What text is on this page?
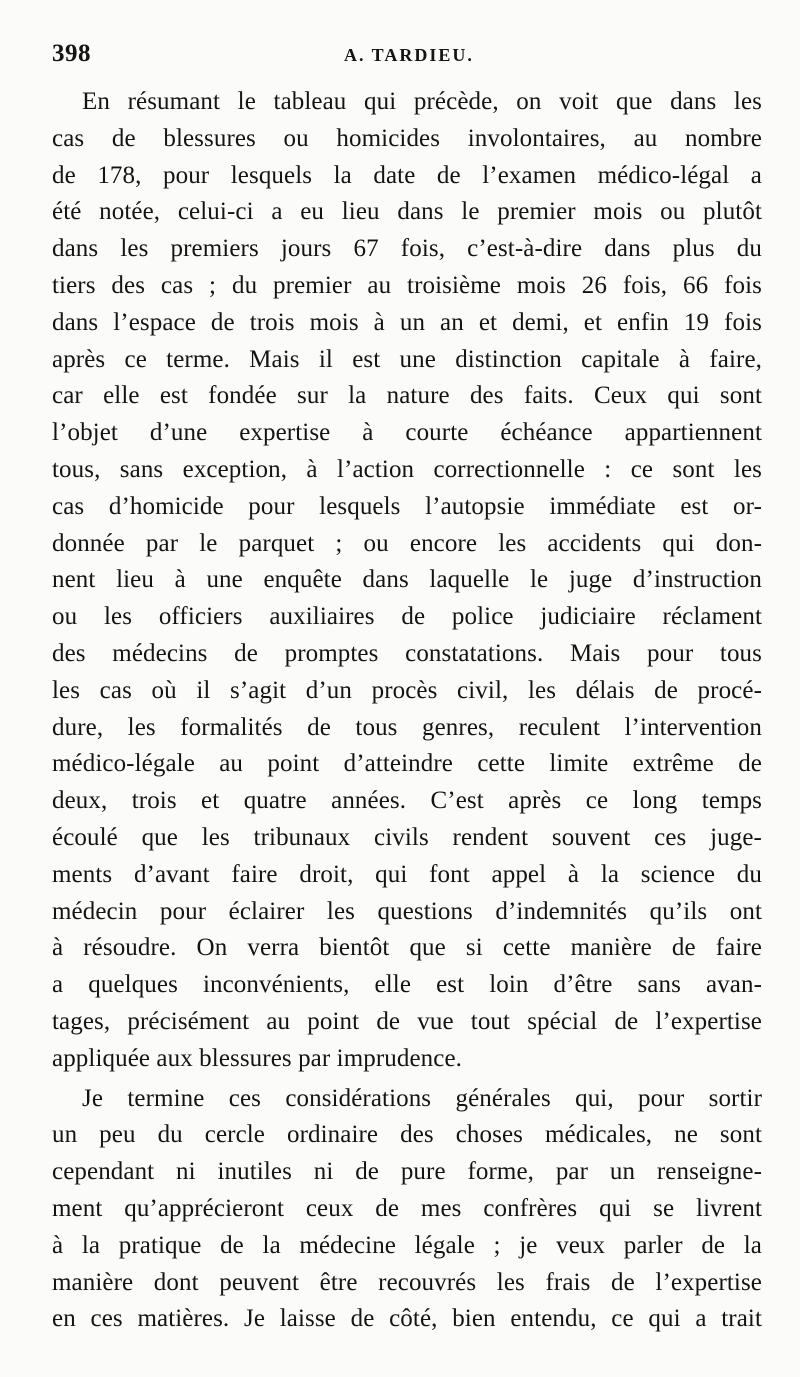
398	A. TARDIEU.
En résumant le tableau qui précède, on voit que dans les
cas de blessures ou homicides involontaires, au nombre
de 178, pour lesquels la date de l’examen médico-légal a
été notée, celui-ci a eu lieu dans le premier mois ou plutôt
dans les premiers jours 67 fois, c’est-à-dire dans plus du
tiers des cas ; du premier au troisième mois 26 fois, 66 fois
dans l’espace de trois mois à un an et demi, et enfin 19 fois
après ce terme. Mais il est une distinction capitale à faire,
car elle est fondée sur la nature des faits. Ceux qui sont
l’objet d’une expertise à courte échéance appartiennent
tous, sans exception, à l’action correctionnelle : ce sont les
cas d’homicide pour lesquels l’autopsie immédiate est or-
donnée par le parquet ; ou encore les accidents qui don-
nent lieu à une enquête dans laquelle le juge d’instruction
ou les officiers auxiliaires de police judiciaire réclament
des médecins de promptes constatations. Mais pour tous
les cas où il s’agit d’un procès civil, les délais de procé-
dure, les formalités de tous genres, reculent l’intervention
médico-légale au point d’atteindre cette limite extrême de
deux, trois et quatre années. C’est après ce long temps
écoulé que les tribunaux civils rendent souvent ces juge-
ments d’avant faire droit, qui font appel à la science du
médecin pour éclairer les questions d’indemnités qu’ils ont
à résoudre. On verra bientôt que si cette manière de faire
a quelques inconvénients, elle est loin d’être sans avan-
tages, précisément au point de vue tout spécial de l’expertise
appliquée aux blessures par imprudence.
Je termine ces considérations générales qui, pour sortir
un peu du cercle ordinaire des choses médicales, ne sont
cependant ni inutiles ni de pure forme, par un renseigne-
ment qu’apprécieront ceux de mes confrères qui se livrent
à la pratique de la médecine légale ; je veux parler de la
manière dont peuvent être recouvrés les frais de l’expertise
en ces matières. Je laisse de côté, bien entendu, ce qui a trait
